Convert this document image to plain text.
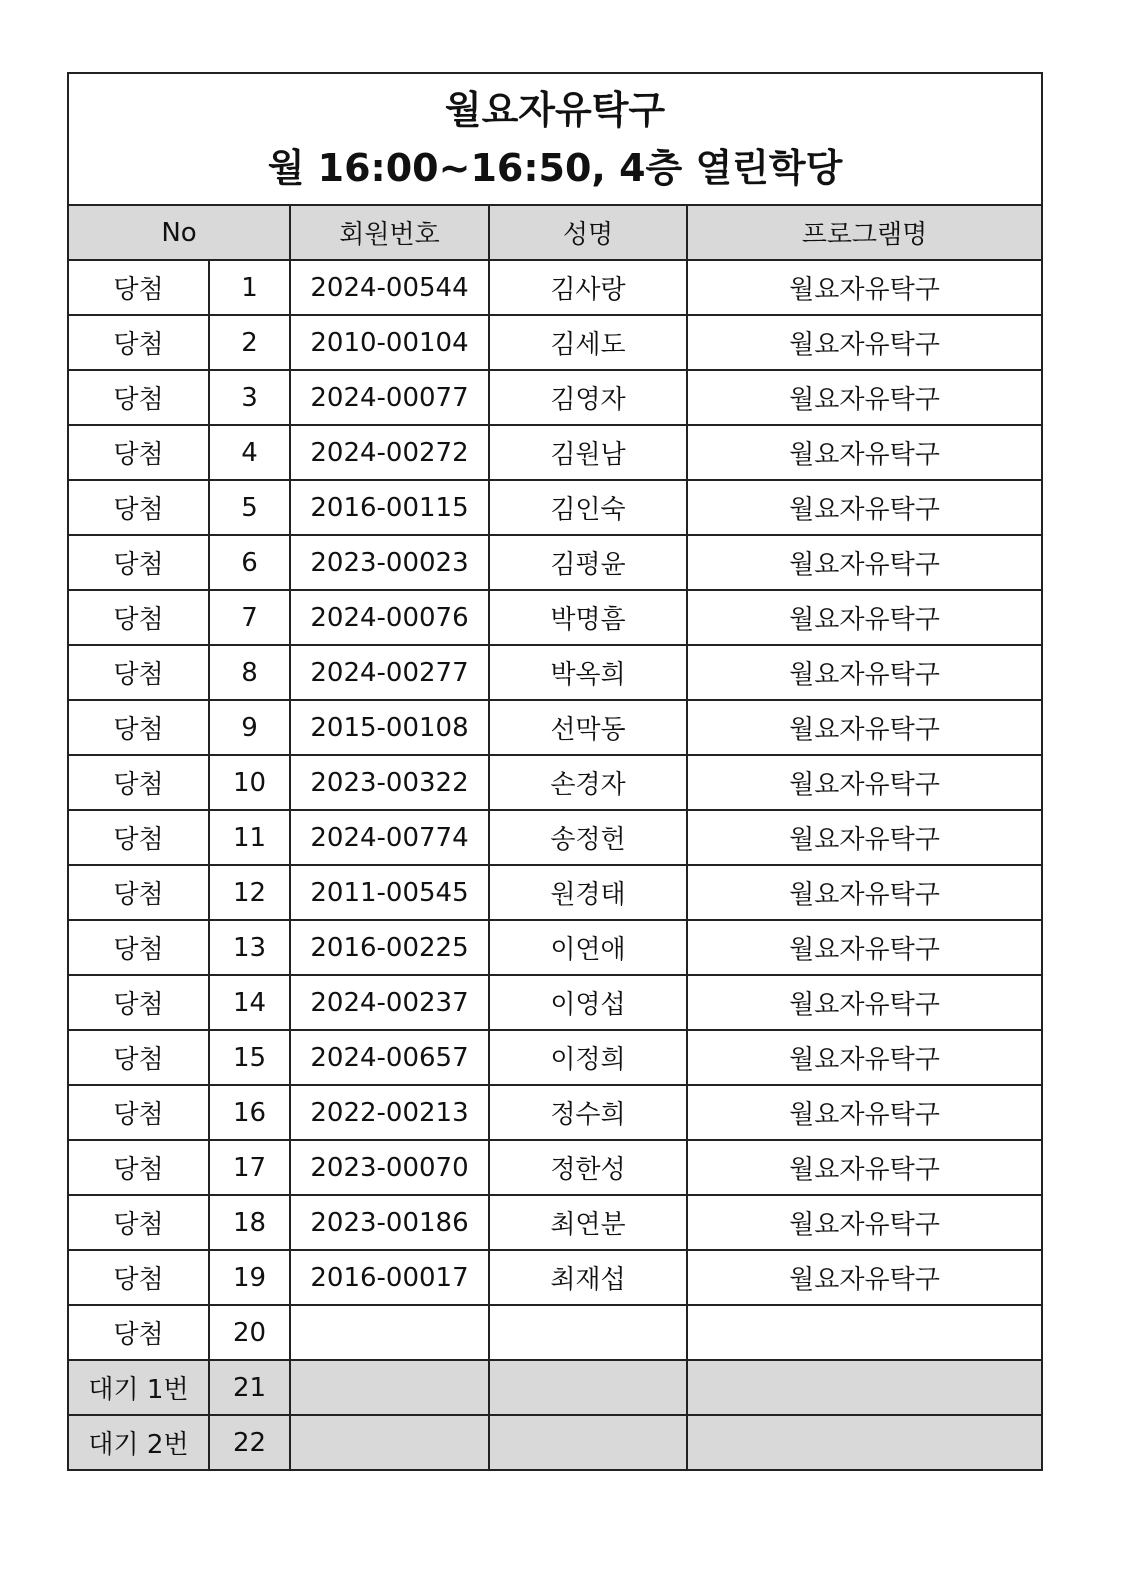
월요자유탁구
월 16:00~16:50, 4층 열린학당				

No		회원번호	성명	프로그램명
당첨	1	2024-00544	김사랑	월요자유탁구
당첨	2	2010-00104	김세도	월요자유탁구
당첨	3	2024-00077	김영자	월요자유탁구
당첨	4	2024-00272	김원남	월요자유탁구
당첨	5	2016-00115	김인숙	월요자유탁구
당첨	6	2023-00023	김평윤	월요자유탁구
당첨	7	2024-00076	박명흠	월요자유탁구
당첨	8	2024-00277	박옥희	월요자유탁구
당첨	9	2015-00108	선막동	월요자유탁구
당첨	10	2023-00322	손경자	월요자유탁구
당첨	11	2024-00774	송정헌	월요자유탁구
당첨	12	2011-00545	원경태	월요자유탁구
당첨	13	2016-00225	이연애	월요자유탁구
당첨	14	2024-00237	이영섭	월요자유탁구
당첨	15	2024-00657	이정희	월요자유탁구
당첨	16	2022-00213	정수희	월요자유탁구
당첨	17	2023-00070	정한성	월요자유탁구
당첨	18	2023-00186	최연분	월요자유탁구
당첨	19	2016-00017	최재섭	월요자유탁구
당첨	20			
대기 1번	21			
대기 2번	22			
